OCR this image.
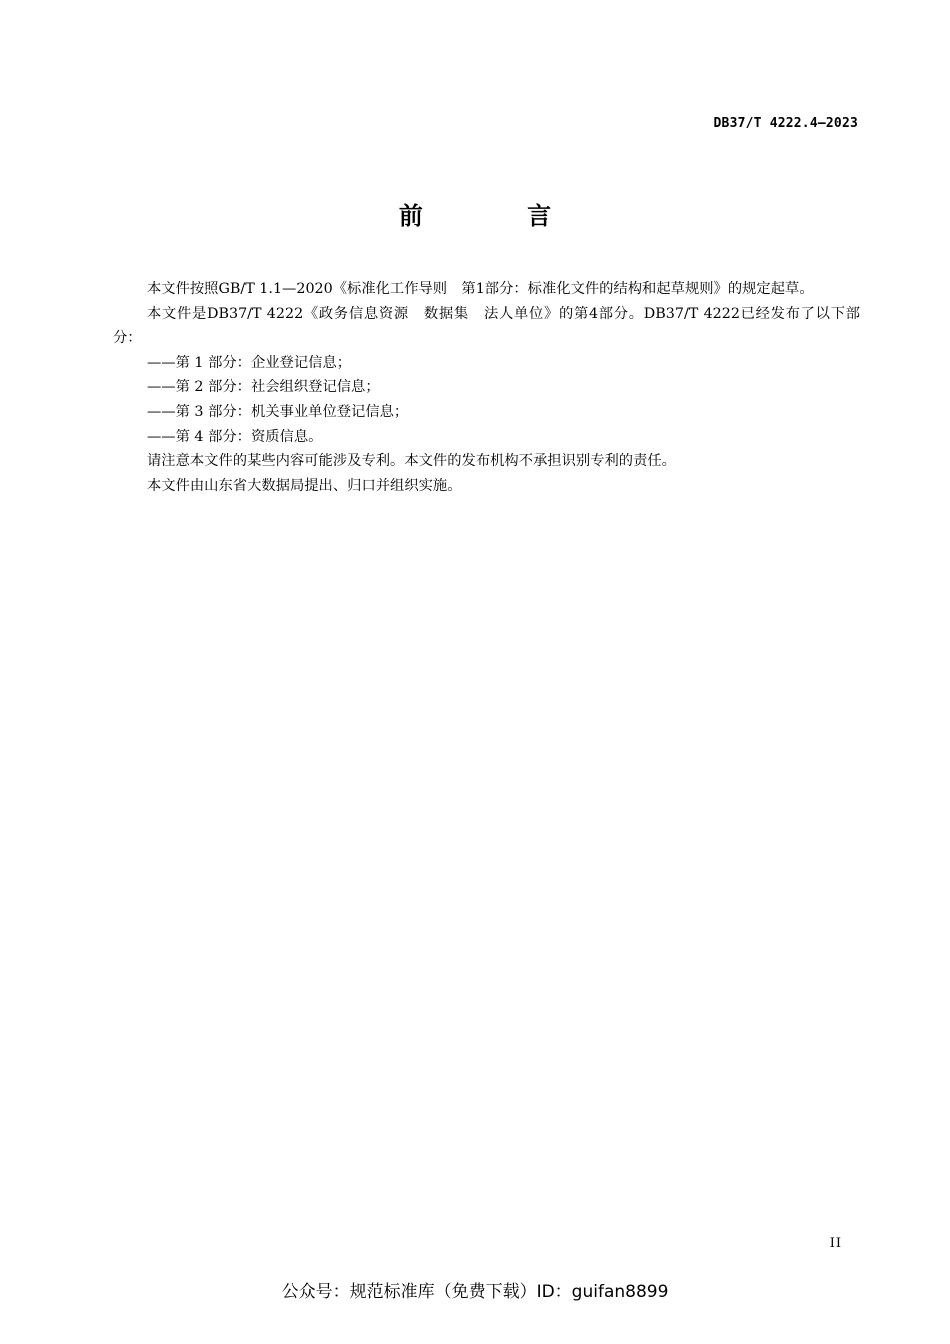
DB37/T 4222.4—2023
前 言

本文件按照GB/T 1.1—2020《标准化工作导则　第1部分：标准化文件的结构和起草规则》的规定起草。

本文件是DB37/T 4222《政务信息资源　数据集　法人单位》的第4部分。DB37/T 4222已经发布了以下部分：

——第 1 部分：企业登记信息；

——第 2 部分：社会组织登记信息；

——第 3 部分：机关事业单位登记信息；

——第 4 部分：资质信息。

请注意本文件的某些内容可能涉及专利。本文件的发布机构不承担识别专利的责任。

本文件由山东省大数据局提出、归口并组织实施。

II
公众号：规范标准库（免费下载）ID：guifan8899
